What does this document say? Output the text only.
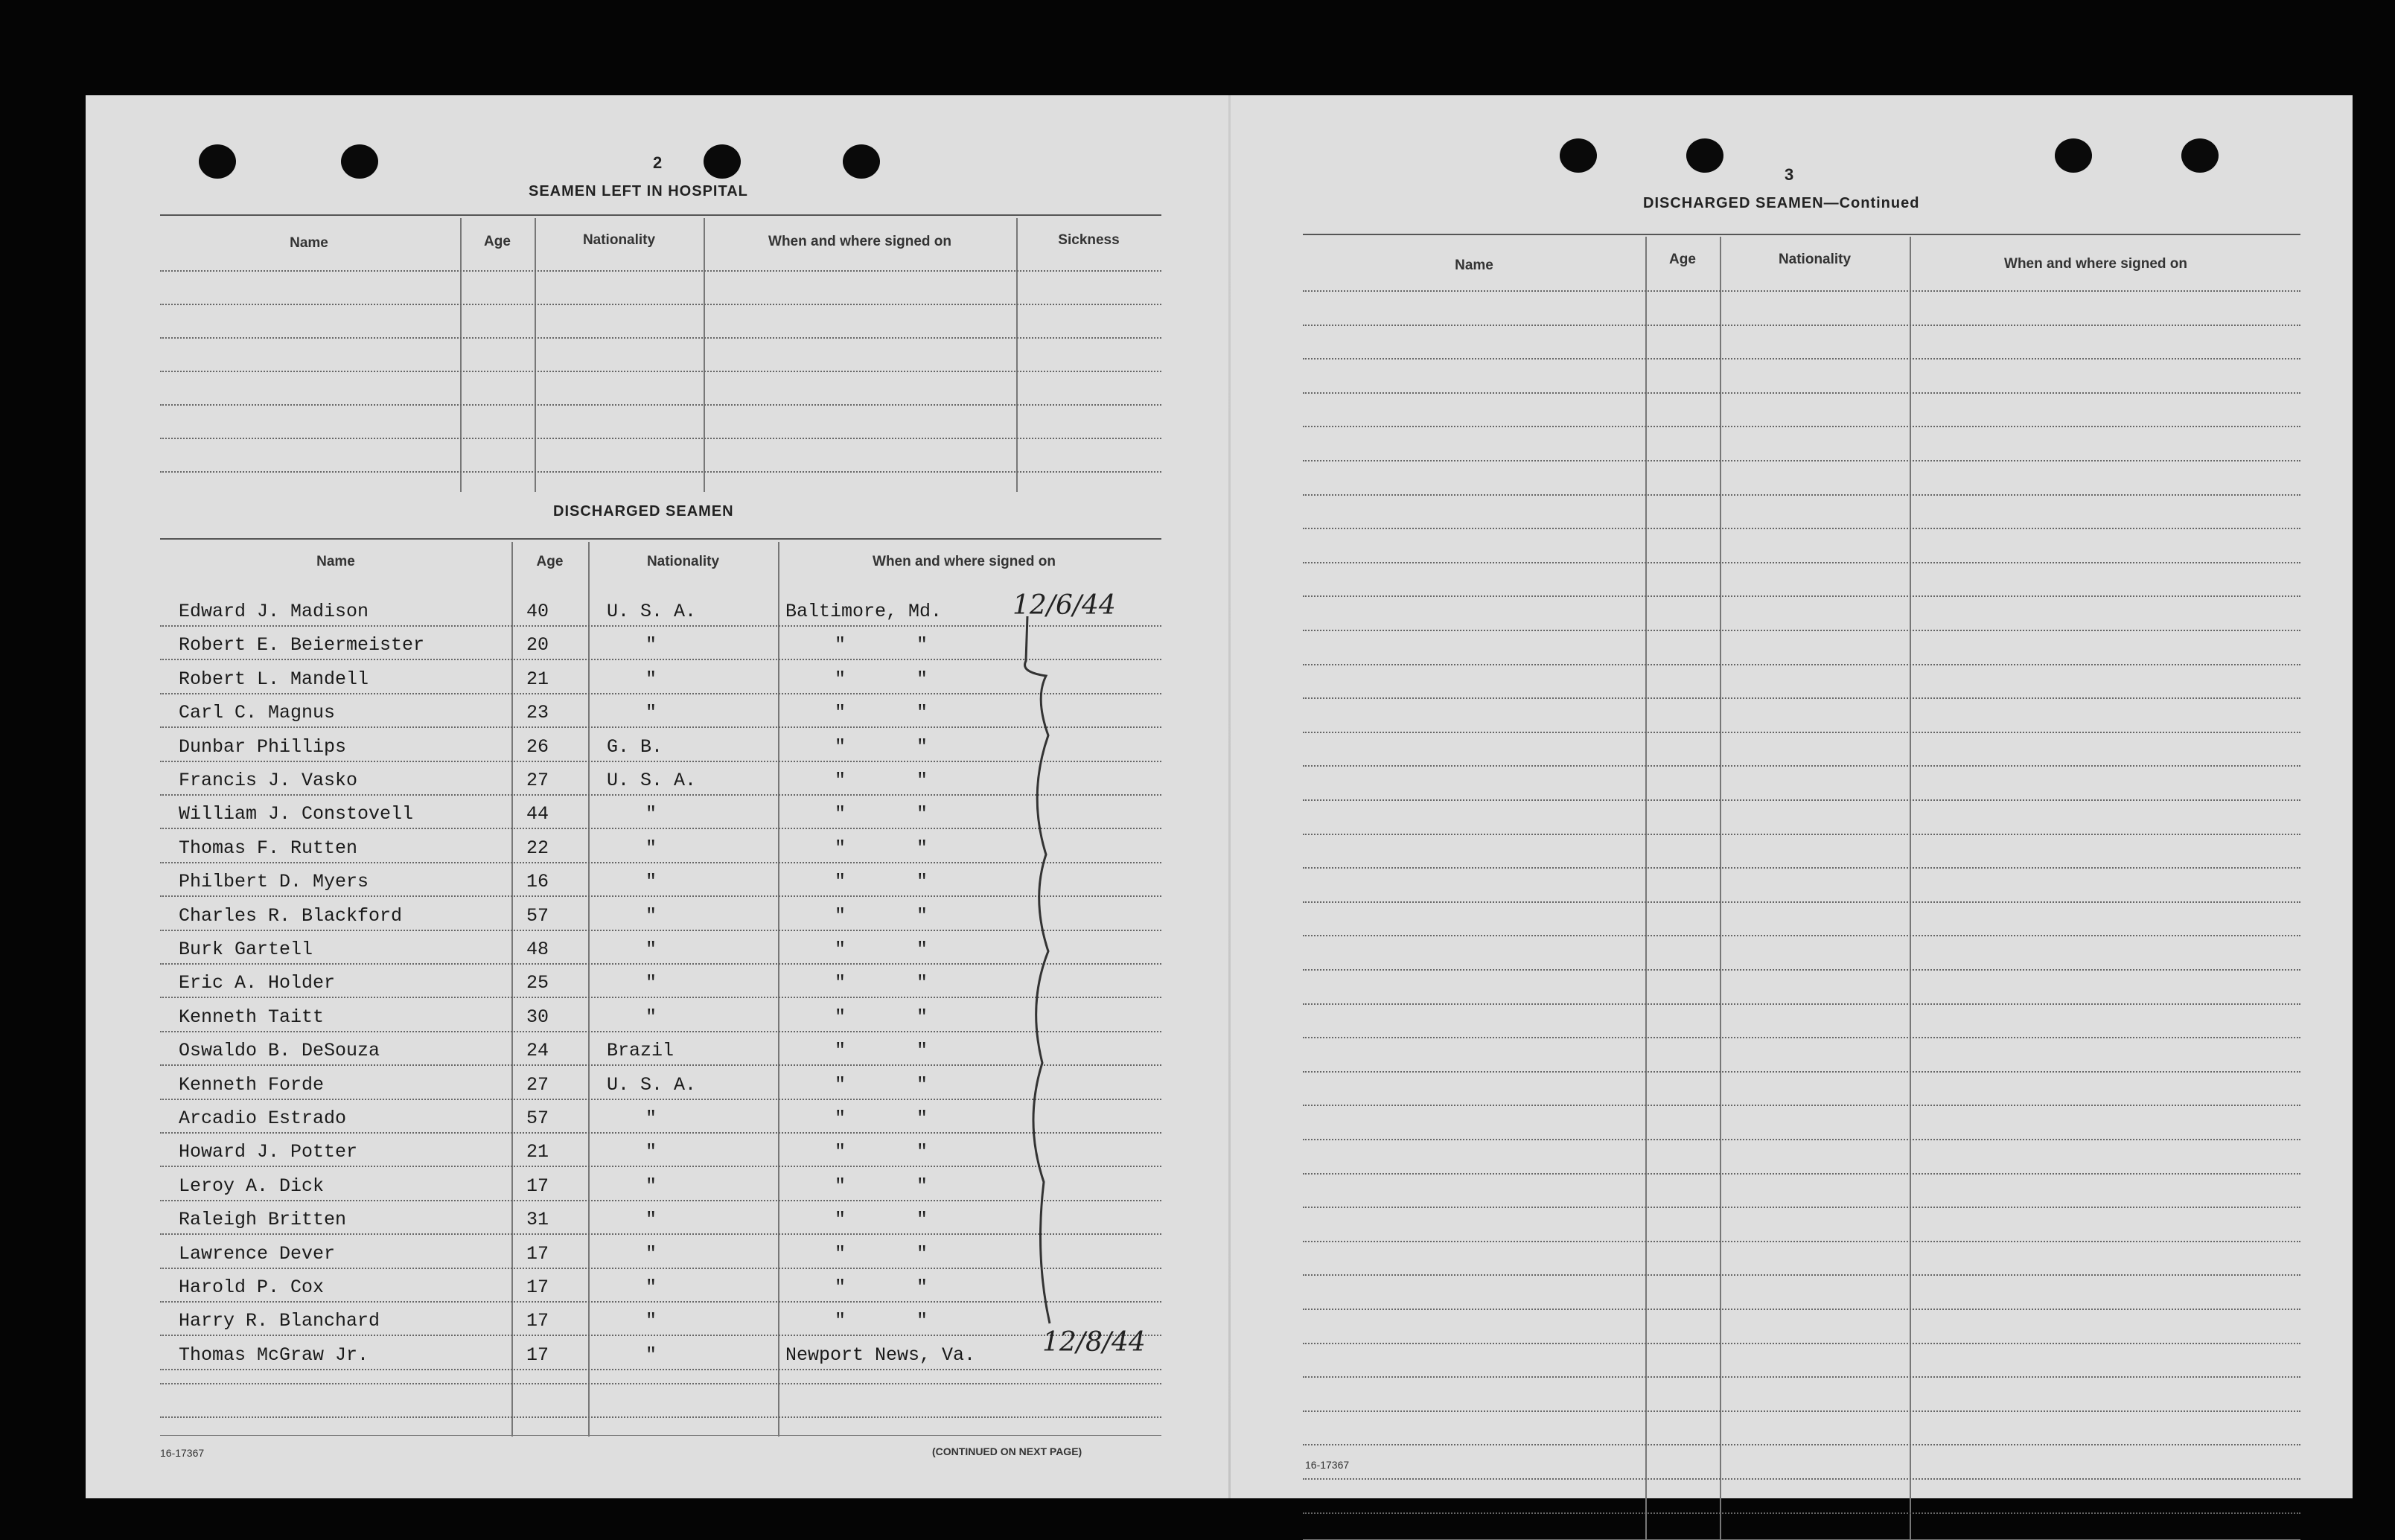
2
SEAMEN LEFT IN HOSPITAL
Name	Age	Nationality	When and where signed on	Sickness
DISCHARGED SEAMEN
Name	Age	Nationality	When and where signed on
Edward J. Madison	40	U. S. A.	Baltimore, Md.
Robert E. Beiermeister	20	"	" "
Robert L. Mandell	21	"	" "
Carl C. Magnus	23	"	" "
Dunbar Phillips	26	G. B.	" "
Francis J. Vasko	27	U. S. A.	" "
William J. Constovell	44	"	" "
Thomas F. Rutten	22	"	" "
Philbert D. Myers	16	"	" "
Charles R. Blackford	57	"	" "
Burk Gartell	48	"	" "
Eric A. Holder	25	"	" "
Kenneth Taitt	30	"	" "
Oswaldo B. DeSouza	24	Brazil	" "
Kenneth Forde	27	U. S. A.	" "
Arcadio Estrado	57	"	" "
Howard J. Potter	21	"	" "
Leroy A. Dick	17	"	" "
Raleigh Britten	31	"	" "
Lawrence Dever	17	"	" "
Harold P. Cox	17	"	" "
Harry R. Blanchard	17	"	" "
Thomas McGraw Jr.	17	"	Newport News, Va.
12/6/44
12/8/44
16-17367	(CONTINUED ON NEXT PAGE)
3
DISCHARGED SEAMEN—Continued
Name	Age	Nationality	When and where signed on
16-17367
